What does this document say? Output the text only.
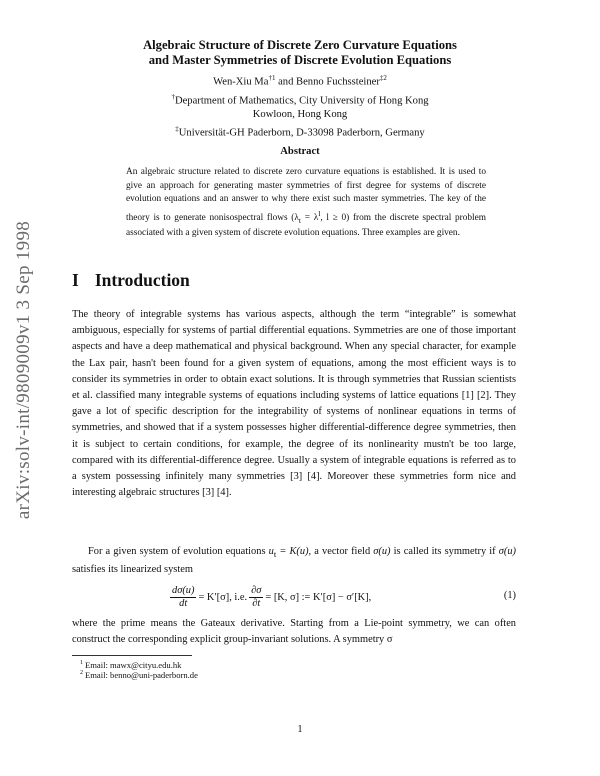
arXiv:solv-int/9809009v1 3 Sep 1998
Algebraic Structure of Discrete Zero Curvature Equations
and Master Symmetries of Discrete Evolution Equations
Wen-Xiu Ma$^{\dagger 1}$ and Benno Fuchssteiner$^{\ddagger 2}$
†Department of Mathematics, City University of Hong Kong
Kowloon, Hong Kong
‡Universität-GH Paderborn, D-33098 Paderborn, Germany
Abstract
An algebraic structure related to discrete zero curvature equations is established. It is used to give an approach for generating master symmetries of first degree for systems of discrete evolution equations and an answer to why there exist such master symmetries. The key of the theory is to generate nonisospectral flows ($\lambda_t = \lambda^l$, l ≥ 0) from the discrete spectral problem associated with a given system of discrete evolution equations. Three examples are given.
I Introduction
The theory of integrable systems has various aspects, although the term “integrable” is somewhat ambiguous, especially for systems of partial differential equations. Symmetries are one of those important aspects and have a deep mathematical and physical background. When any special character, for example the Lax pair, hasn't been found for a given system of equations, among the most efficient ways is to consider its symmetries in order to obtain exact solutions. It is through symmetries that Russian scientists et al. classified many integrable systems of equations including systems of lattice equations [1] [2]. They gave a lot of specific description for the integrability of systems of nonlinear equations in terms of symmetries, and showed that if a system possesses higher differential-difference degree symmetries, then it is subject to certain conditions, for example, the degree of its nonlinearity mustn't be too large, compared with its differential-difference degree. Usually a system of integrable equations is referred as to a system possessing infinitely many symmetries [3] [4]. Moreover these symmetries form nice and interesting algebraic structures [3] [4].
For a given system of evolution equations $u_t = K(u)$, a vector field σ(u) is called its symmetry if σ(u) satisfies its linearized system
$\frac{d\sigma(u)}{dt} = K'[\sigma]$, i.e. $\frac{\partial\sigma}{\partial t} = [K$, σ] := K′[σ] − σ′[K],	(1)
where the prime means the Gateaux derivative. Starting from a Lie-point symmetry, we can often construct the corresponding explicit group-invariant solutions. A symmetry σ
$^1$ Email: mawx@cityu.edu.hk
$^2$ Email: benno@uni-paderborn.de
1
